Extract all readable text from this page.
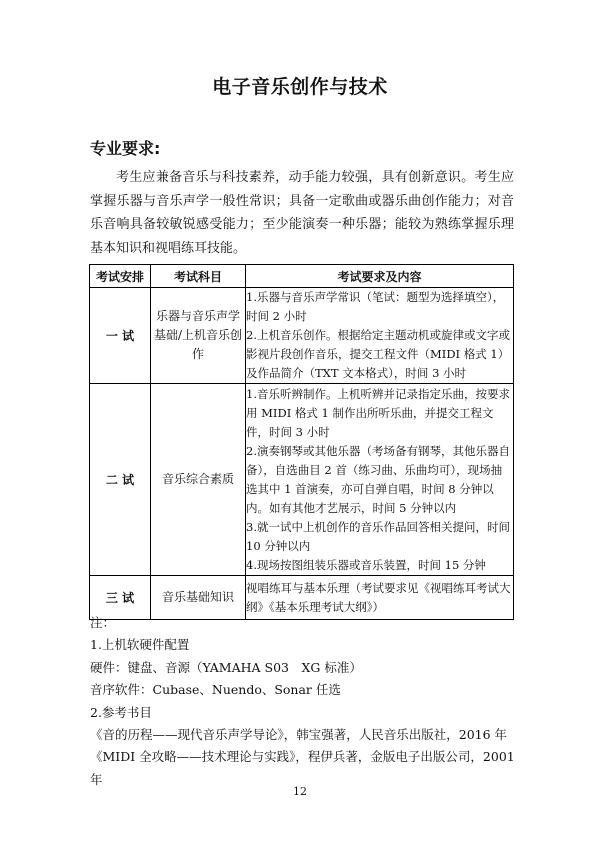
电子音乐创作与技术
专业要求:
考生应兼备音乐与科技素养，动手能力较强，具有创新意识。考生应掌握乐器与音乐声学一般性常识；具备一定歌曲或器乐曲创作能力；对音乐音响具备较敏锐感受能力；至少能演奏一种乐器；能较为熟练掌握乐理基本知识和视唱练耳技能。
考试安排	考试科目	考试要求及内容
一 试	乐器与音乐声学基础/上机音乐创作	1.乐器与音乐声学常识（笔试：题型为选择填空），时间 2 小时
2.上机音乐创作。根据给定主题动机或旋律或文字或影视片段创作音乐，提交工程文件（MIDI 格式 1）及作品简介（TXT 文本格式），时间 3 小时

二 试	音乐综合素质	1.音乐听辨制作。上机听辨并记录指定乐曲，按要求用 MIDI 格式 1 制作出所听乐曲，并提交工程文件，时间 3 小时
2.演奏钢琴或其他乐器（考场备有钢琴，其他乐器自备），自选曲目 2 首（练习曲、乐曲均可），现场抽选其中 1 首演奏，亦可自弹自唱，时间 8 分钟以内。如有其他才艺展示，时间 5 分钟以内
3.就一试中上机创作的音乐作品回答相关提问，时间 10 分钟以内
4.现场按图组装乐器或音乐装置，时间 15 分钟

三 试	音乐基础知识	视唱练耳与基本乐理（考试要求见《视唱练耳考试大纲》《基本乐理考试大纲》）
注：
1.上机软硬件配置
硬件：键盘、音源（YAMAHA S03　XG 标准）
音序软件：Cubase、Nuendo、Sonar 任选
2.参考书目
《音的历程——现代音乐声学导论》，韩宝强著，人民音乐出版社，2016 年
《MIDI 全攻略——技术理论与实践》，程伊兵著，金版电子出版公司，2001
年
12
